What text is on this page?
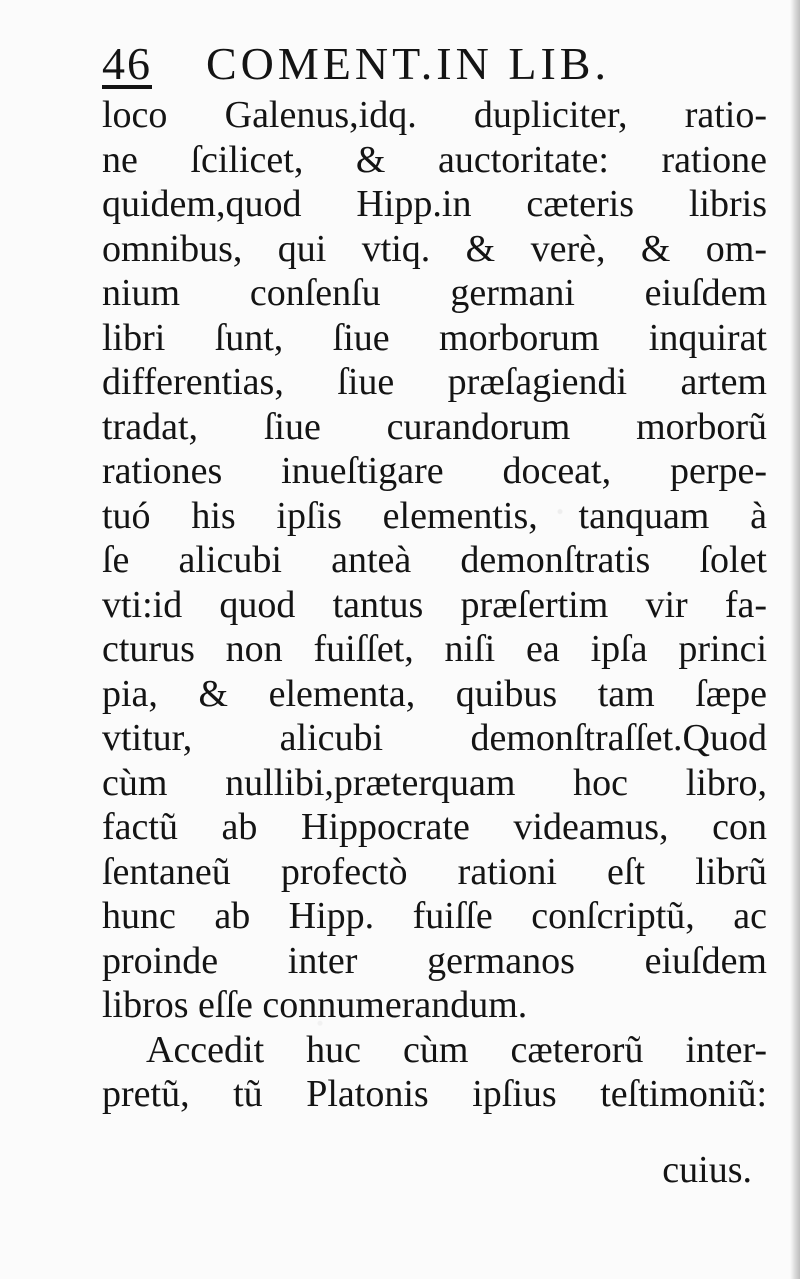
46 COMENT.IN LIB.
loco Galenus,idq. dupliciter, ratio-
ne ſcilicet, & auctoritate: ratione
quidem,quod Hipp.in cæteris libris
omnibus, qui vtiq. & verè, & om-
nium conſenſu germani eiuſdem
libri ſunt, ſiue morborum inquirat
differentias, ſiue præſagiendi artem
tradat, ſiue curandorum morborũ
rationes inueſtigare doceat, perpe-
tuó his ipſis elementis, tanquam à
ſe alicubi anteà demonſtratis ſolet
vti:id quod tantus præſertim vir fa-
cturus non fuiſſet, niſi ea ipſa princi
pia, & elementa, quibus tam ſæpe
vtitur, alicubi demonſtraſſet.Quod
cùm nullibi,præterquam hoc libro,
factũ ab Hippocrate videamus, con
ſentaneũ profectò rationi eſt librũ
hunc ab Hipp. fuiſſe conſcriptũ, ac
proinde inter germanos eiuſdem
libros eſſe connumerandum.
Accedit huc cùm cæterorũ inter-
pretũ, tũ Platonis ipſius teſtimoniũ:
cuius.
